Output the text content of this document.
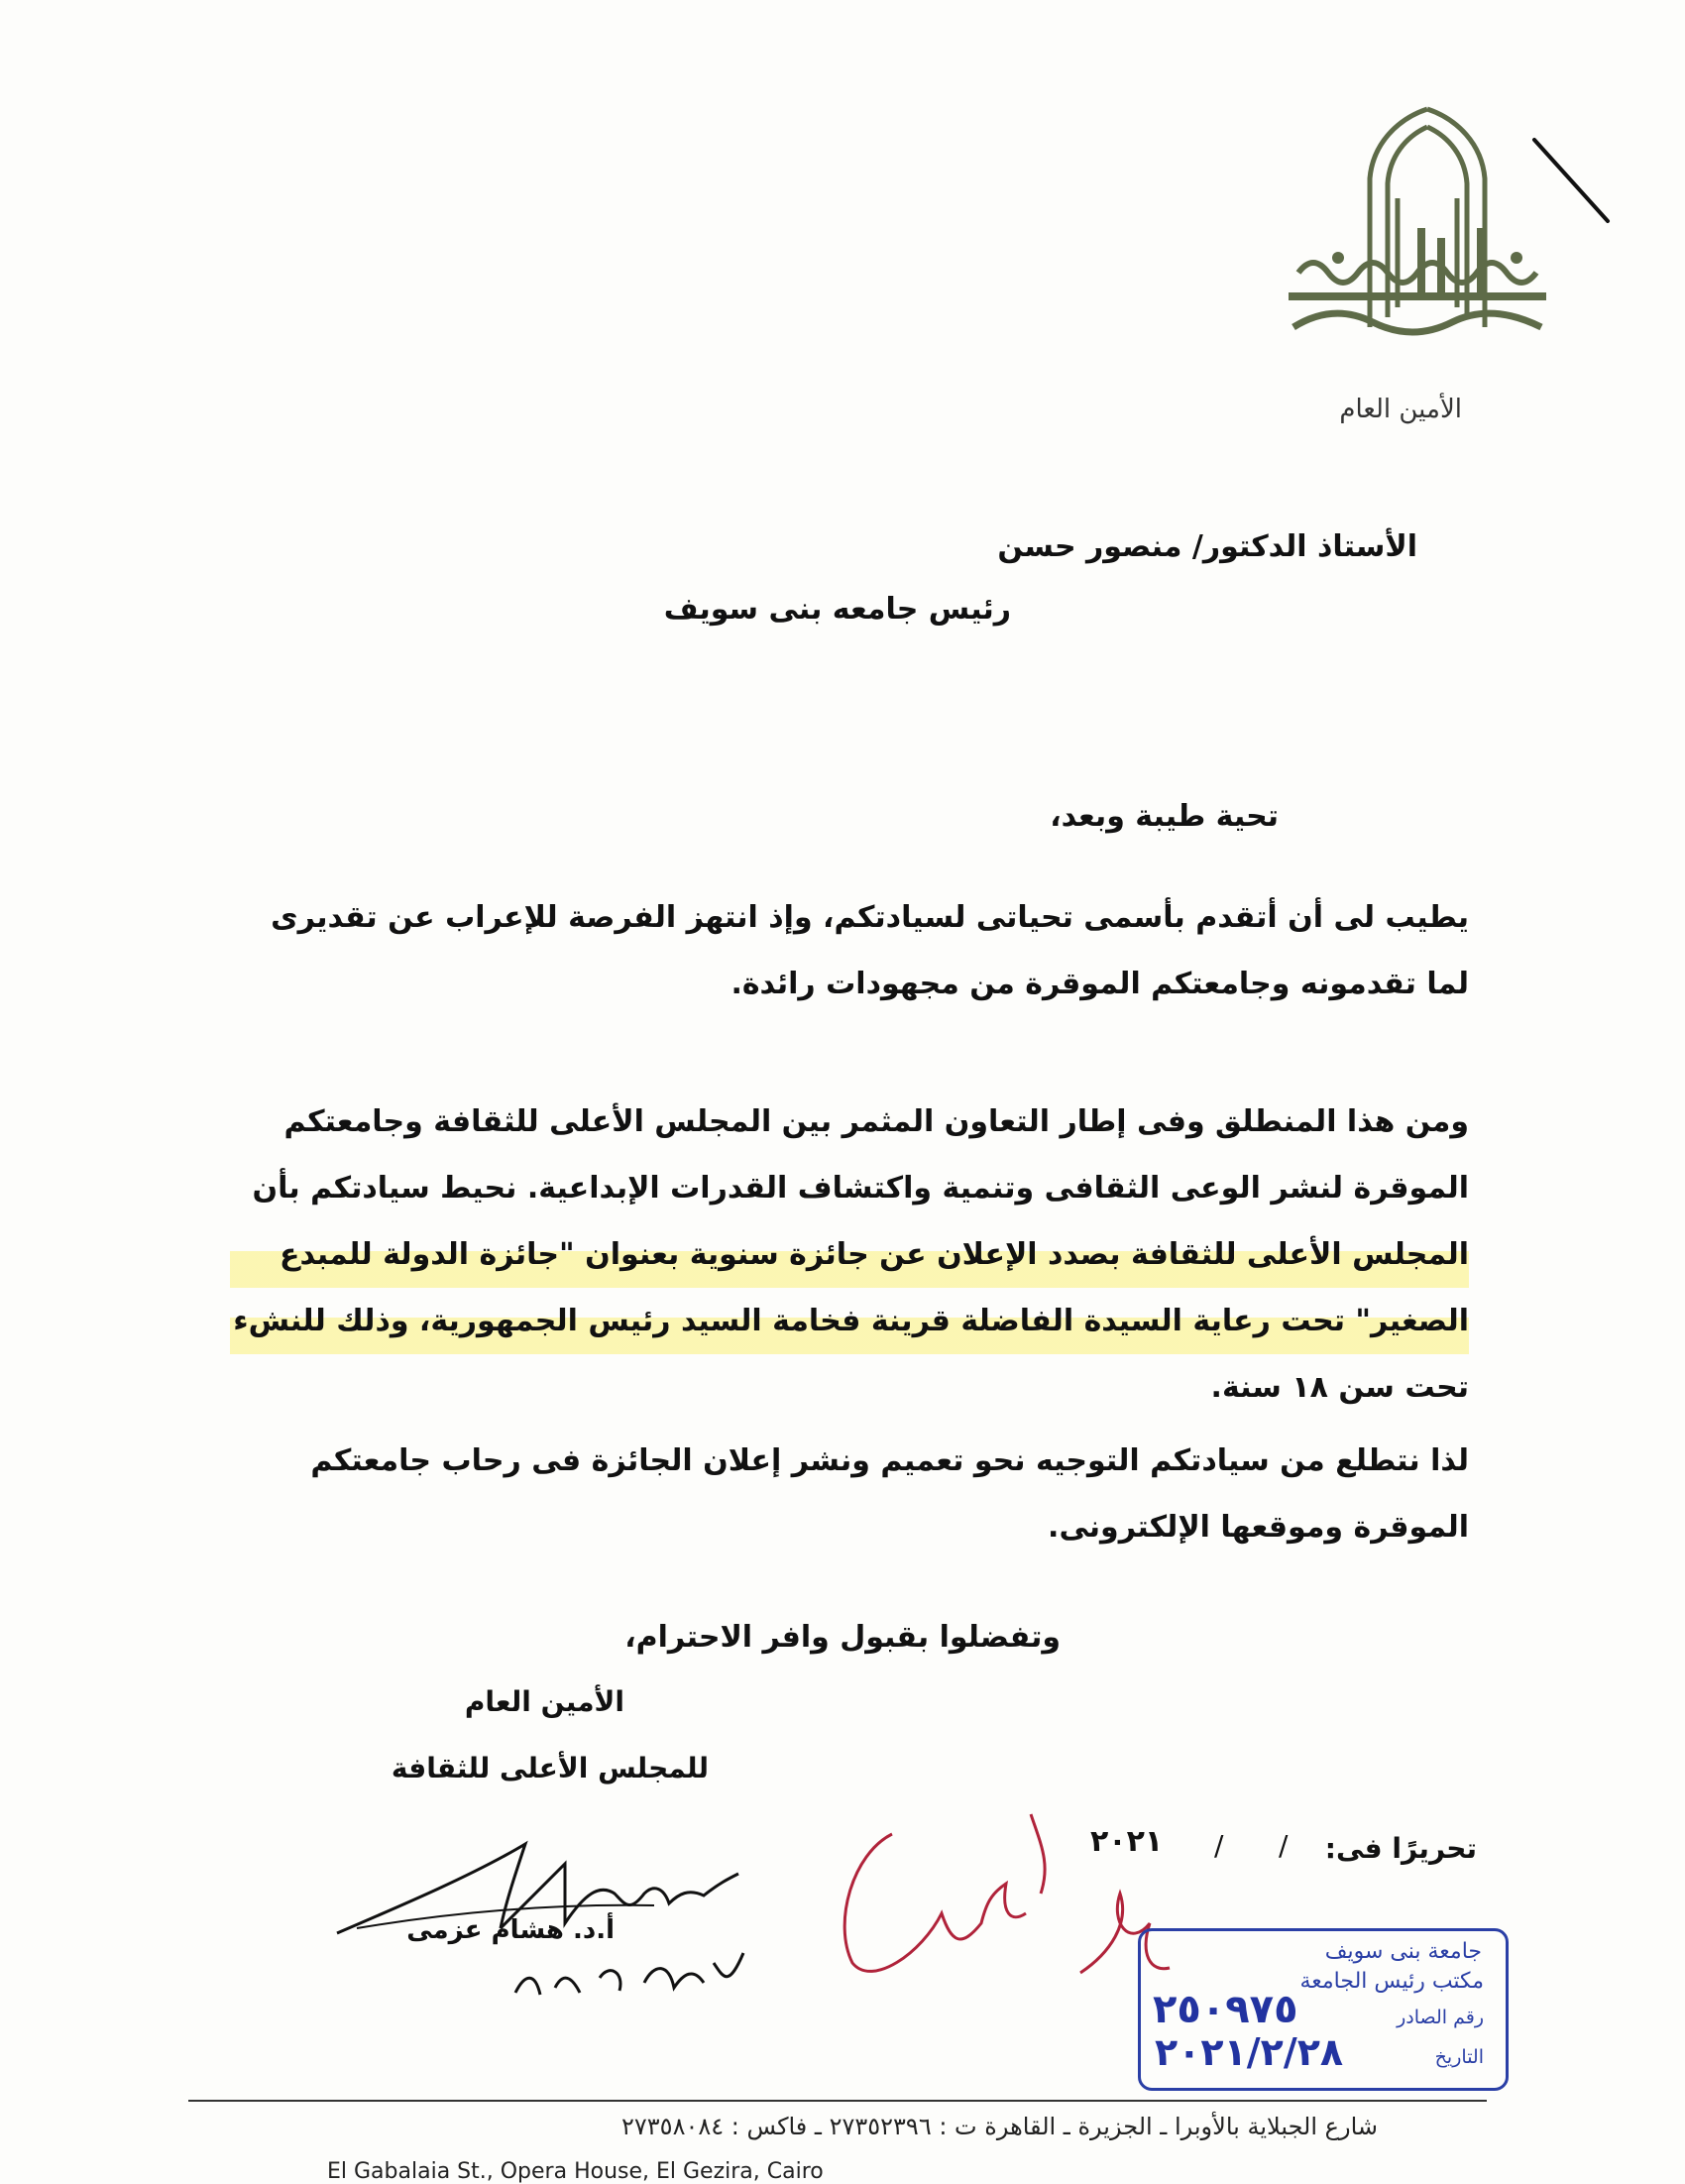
الأمين العام
الأستاذ الدكتور/ منصور حسن
رئيس جامعه بنى سويف
تحية طيبة وبعد،
يطيب لى أن أتقدم بأسمى تحياتى لسيادتكم، وإذ انتهز الفرصة للإعراب عن تقديرى
لما تقدمونه وجامعتكم الموقرة من مجهودات رائدة.
ومن هذا المنطلق وفى إطار التعاون المثمر بين المجلس الأعلى للثقافة وجامعتكم
الموقرة لنشر الوعى الثقافى وتنمية واكتشاف القدرات الإبداعية. نحيط سيادتكم بأن
المجلس الأعلى للثقافة بصدد الإعلان عن جائزة سنوية بعنوان "جائزة الدولة للمبدع
الصغير" تحت رعاية السيدة الفاضلة قرينة فخامة السيد رئيس الجمهورية، وذلك للنشء
تحت سن ١٨ سنة.
لذا نتطلع من سيادتكم التوجيه نحو تعميم ونشر إعلان الجائزة فى رحاب جامعتكم
الموقرة وموقعها الإلكترونى.
وتفضلوا بقبول وافر الاحترام،
الأمين العام
للمجلس الأعلى للثقافة
تحريرًا فى:
/
/
٢٠٢١
أ.د. هشام عزمى
جامعة بنى سويف
مكتب رئيس الجامعة
رقم الصادر
التاريخ
٢٥٠٩٧٥
٢٠٢١/٢/٢٨
شارع الجبلاية بالأوبرا ـ الجزيرة ـ القاهرة ت : ٢٧٣٥٢٣٩٦ ـ فاكس : ٢٧٣٥٨٠٨٤
El Gabalaia St., Opera House, El Gezira, Cairo
